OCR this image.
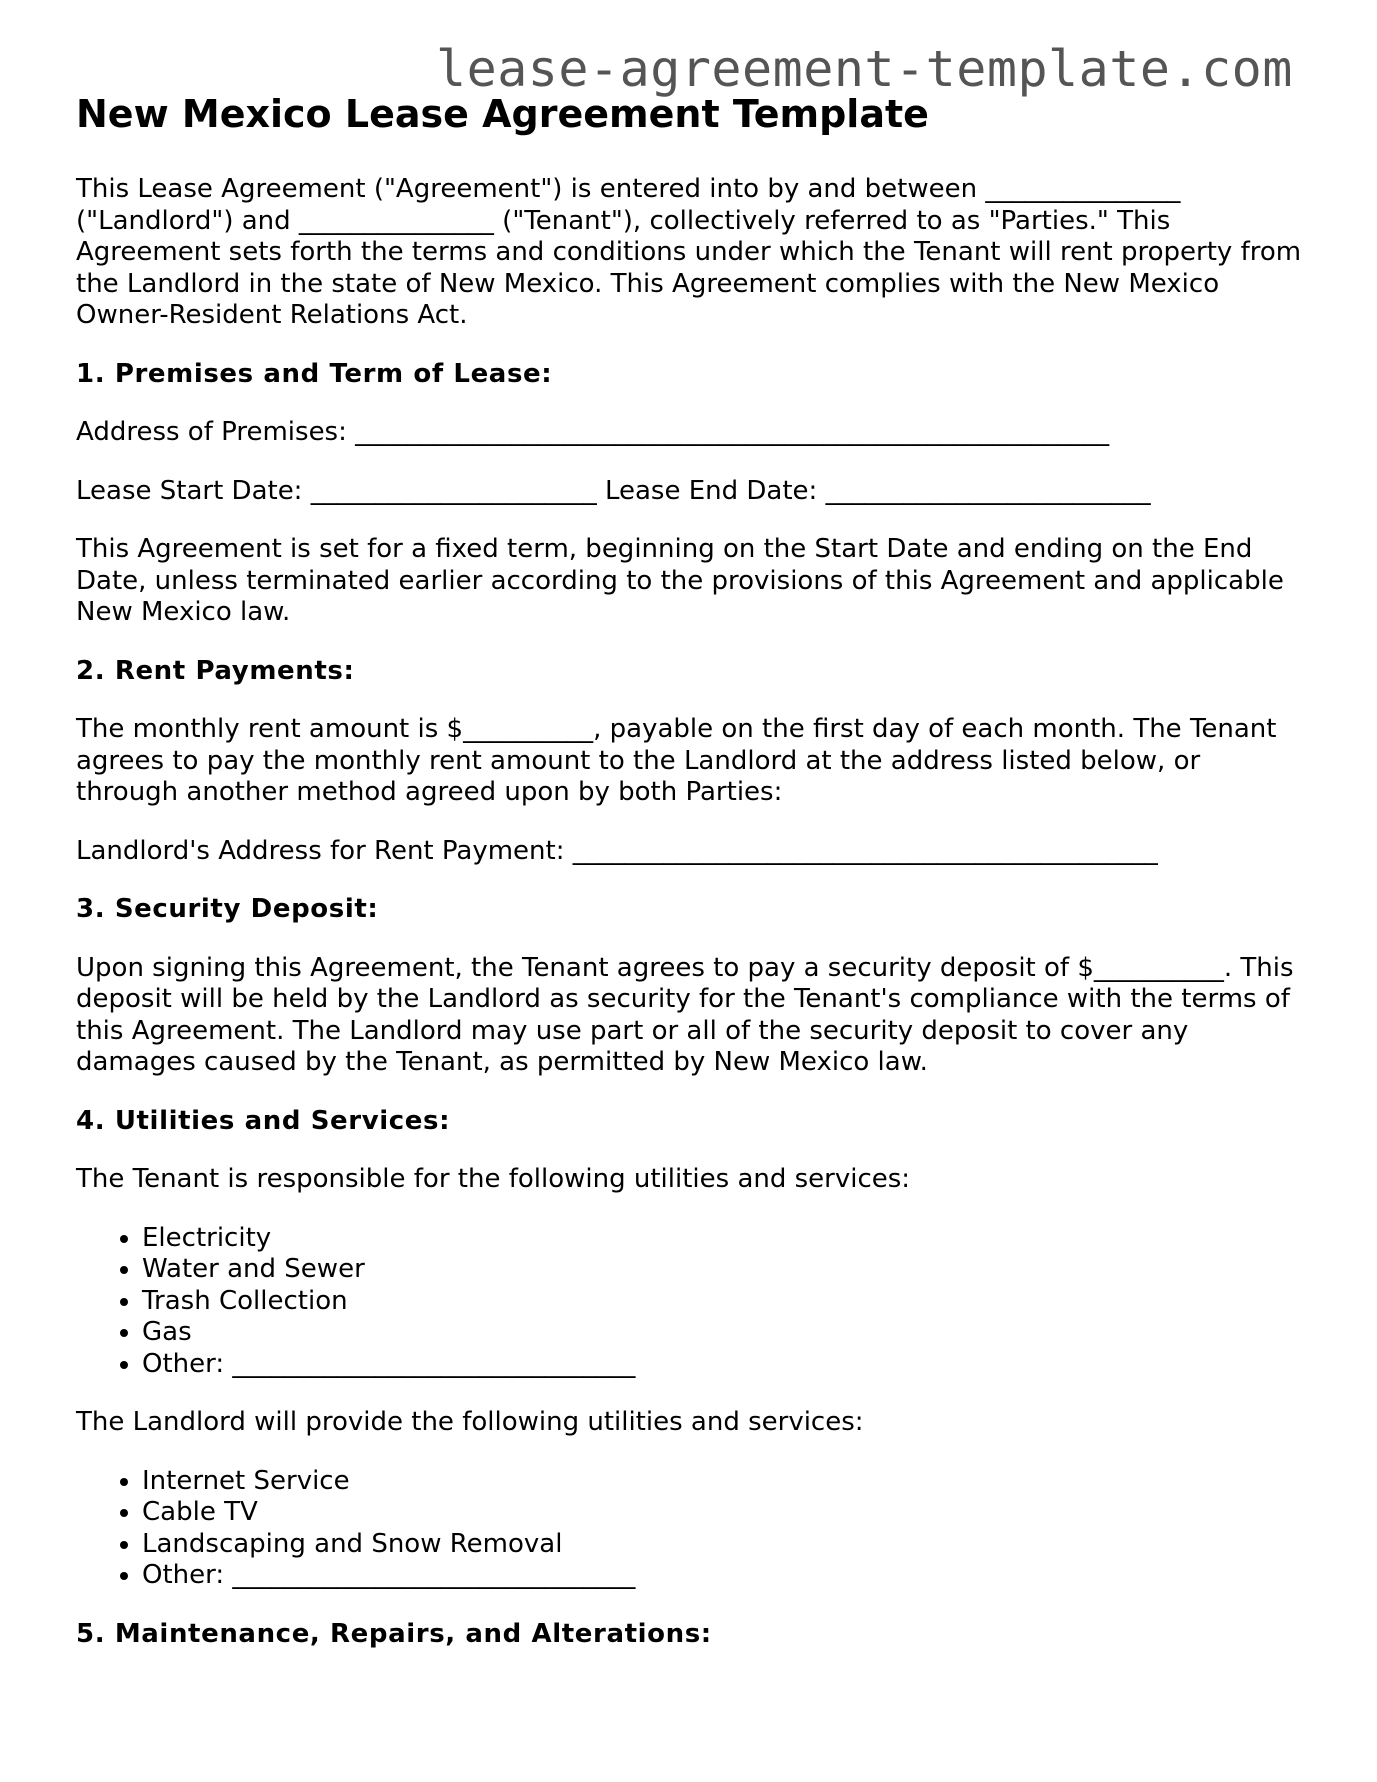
lease-agreement-template.com
New Mexico Lease Agreement Template

This Lease Agreement ("Agreement") is entered into by and between _______________ ("Landlord") and _______________ ("Tenant"), collectively referred to as "Parties." This Agreement sets forth the terms and conditions under which the Tenant will rent property from the Landlord in the state of New Mexico. This Agreement complies with the New Mexico Owner-Resident Relations Act.

1. Premises and Term of Lease:

Address of Premises: __________________________________________________________

Lease Start Date: ______________________ Lease End Date: _________________________

This Agreement is set for a fixed term, beginning on the Start Date and ending on the End Date, unless terminated earlier according to the provisions of this Agreement and applicable New Mexico law.

2. Rent Payments:

The monthly rent amount is $__________, payable on the first day of each month. The Tenant agrees to pay the monthly rent amount to the Landlord at the address listed below, or through another method agreed upon by both Parties:

Landlord's Address for Rent Payment: _____________________________________________

3. Security Deposit:

Upon signing this Agreement, the Tenant agrees to pay a security deposit of $__________. This deposit will be held by the Landlord as security for the Tenant's compliance with the terms of this Agreement. The Landlord may use part or all of the security deposit to cover any damages caused by the Tenant, as permitted by New Mexico law.

4. Utilities and Services:

The Tenant is responsible for the following utilities and services:

• Electricity
• Water and Sewer
• Trash Collection
• Gas
• Other: _______________________________

The Landlord will provide the following utilities and services:

• Internet Service
• Cable TV
• Landscaping and Snow Removal
• Other: _______________________________
5. Maintenance, Repairs, and Alterations:
